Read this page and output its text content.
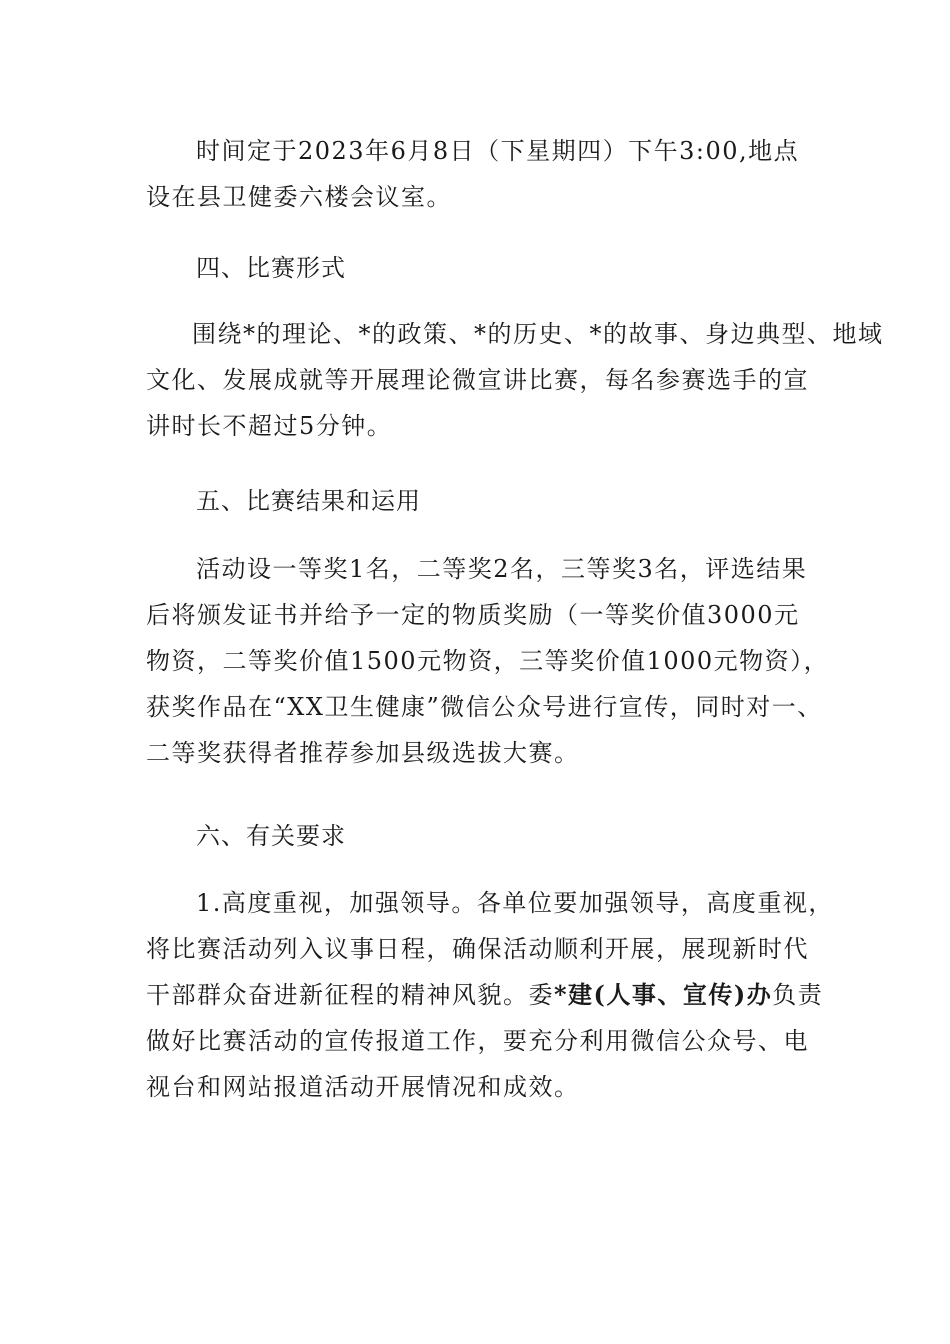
时间定于2023年6月8日（下星期四）下午3:00,地点
设在县卫健委六楼会议室。

四、比赛形式

围绕*的理论、*的政策、*的历史、*的故事、身边典型、地域
文化、发展成就等开展理论微宣讲比赛，每名参赛选手的宣
讲时长不超过5分钟。

五、比赛结果和运用

活动设一等奖1名，二等奖2名，三等奖3名，评选结果
后将颁发证书并给予一定的物质奖励（一等奖价值3000元
物资，二等奖价值1500元物资，三等奖价值1000元物资），
获奖作品在“XX卫生健康”微信公众号进行宣传，同时对一、
二等奖获得者推荐参加县级选拔大赛。

六、有关要求

1.高度重视，加强领导。各单位要加强领导，高度重视，
将比赛活动列入议事日程，确保活动顺利开展，展现新时代
干部群众奋进新征程的精神风貌。委*建(人事、宣传)办负责
做好比赛活动的宣传报道工作，要充分利用微信公众号、电
视台和网站报道活动开展情况和成效。
